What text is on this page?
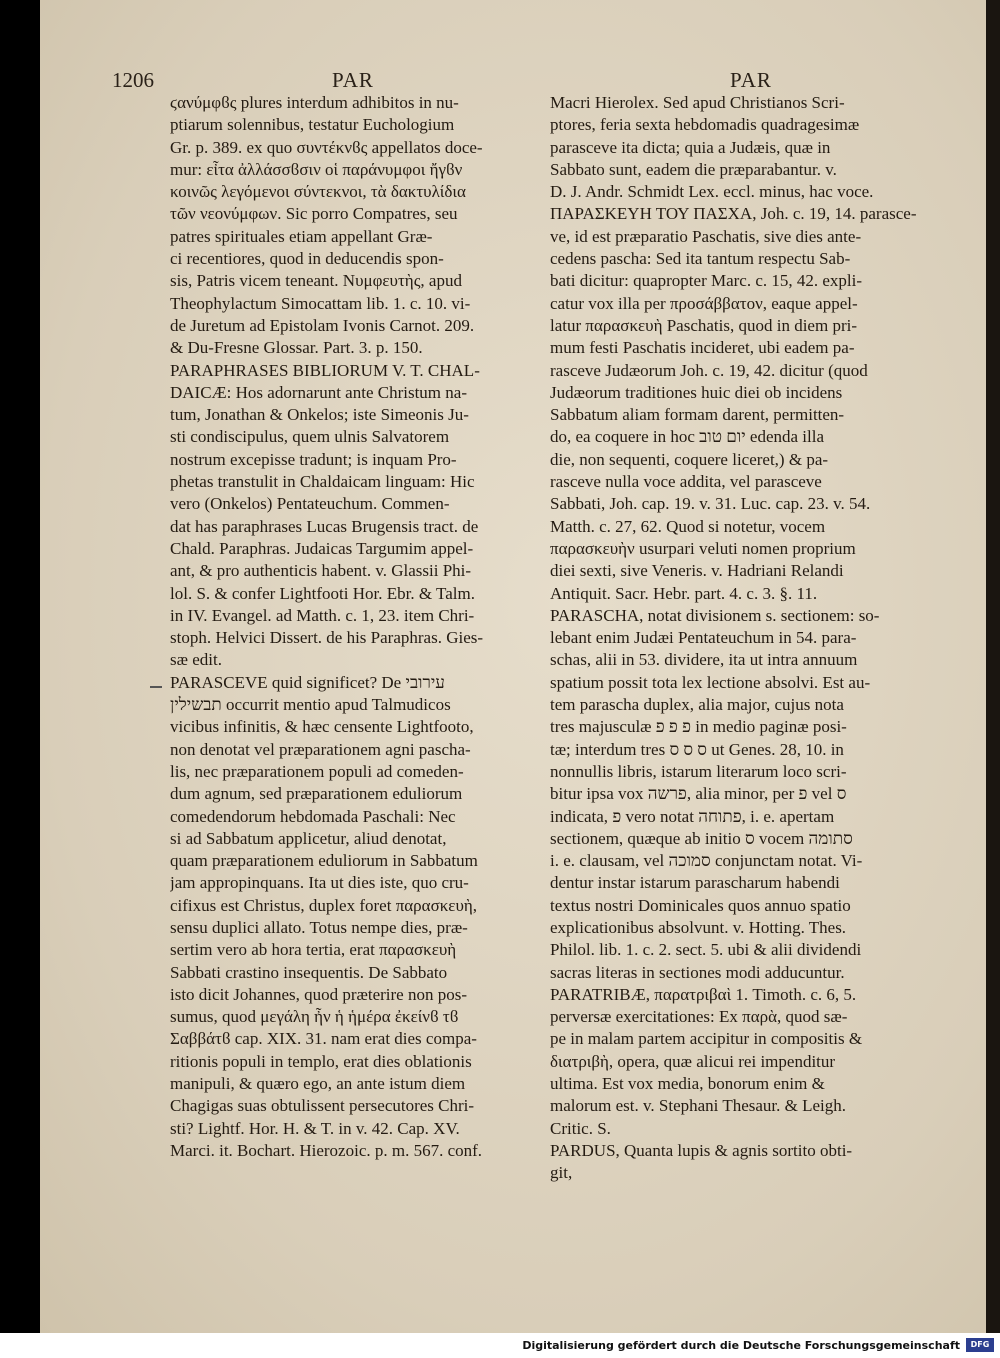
1206	PAR	PAR
ϛανύμφϐς plures interdum adhibitos in nu-
ptiarum solennibus, testatur Euchologium
Gr. p. 389. ex quo συντέκνϐς appellatos doce-
mur: εἶτα ἀλλάσσϐσιν οἱ παράνυμφοι ἤγϐν
κοινῶς λεγόμενοι σύντεκνοι, τὰ δακτυλίδια
τῶν νεονύμφων. Sic porro Compatres, seu
patres spirituales etiam appellant Græ-
ci recentiores, quod in deducendis spon-
sis, Patris vicem teneant. Νυμφευτὴς, apud
Theophylactum Simocattam lib. 1. c. 10. vi-
de Juretum ad Epistolam Ivonis Carnot. 209.
& Du-Fresne Glossar. Part. 3. p. 150.
PARAPHRASES BIBLIORUM V. T. CHAL-
DAICÆ: Hos adornarunt ante Christum na-
tum, Jonathan & Onkelos; iste Simeonis Ju-
sti condiscipulus, quem ulnis Salvatorem
nostrum excepisse tradunt; is inquam Pro-
phetas transtulit in Chaldaicam linguam: Hic
vero (Onkelos) Pentateuchum. Commen-
dat has paraphrases Lucas Brugensis tract. de
Chald. Paraphras. Judaicas Targumim appel-
ant, & pro authenticis habent. v. Glassii Phi-
lol. S. & confer Lightfooti Hor. Ebr. & Talm.
in IV. Evangel. ad Matth. c. 1, 23. item Chri-
stoph. Helvici Dissert. de his Paraphras. Gies-
sæ edit.
PARASCEVE quid significet? De עירובי
תבשילין occurrit mentio apud Talmudicos
vicibus infinitis, & hæc censente Lightfooto,
non denotat vel præparationem agni pascha-
lis, nec præparationem populi ad comeden-
dum agnum, sed præparationem eduliorum
comedendorum hebdomada Paschali: Nec
si ad Sabbatum applicetur, aliud denotat,
quam præparationem eduliorum in Sabbatum
jam appropinquans. Ita ut dies iste, quo cru-
cifixus est Christus, duplex foret παρασκευὴ,
sensu duplici allato. Totus nempe dies, præ-
sertim vero ab hora tertia, erat παρασκευὴ
Sabbati crastino insequentis. De Sabbato
isto dicit Johannes, quod præterire non pos-
sumus, quod μεγάλη ἦν ἡ ἡμέρα ἐκείνϐ τϐ
Σαββάτϐ cap. XIX. 31. nam erat dies compa-
ritionis populi in templo, erat dies oblationis
manipuli, & quæro ego, an ante istum diem
Chagigas suas obtulissent persecutores Chri-
sti? Lightf. Hor. H. & T. in v. 42. Cap. XV.
Marci. it. Bochart. Hierozoic. p. m. 567. conf.
Macri Hierolex. Sed apud Christianos Scri-
ptores, feria sexta hebdomadis quadragesimæ
parasceve ita dicta; quia a Judæis, quæ in
Sabbato sunt, eadem die præparabantur. v.
D. J. Andr. Schmidt Lex. eccl. minus, hac voce.
ΠΑΡΑΣΚΕΥΗ ΤΟΥ ΠΑΣΧΑ, Joh. c. 19, 14. parasce-
ve, id est præparatio Paschatis, sive dies ante-
cedens pascha: Sed ita tantum respectu Sab-
bati dicitur: quapropter Marc. c. 15, 42. expli-
catur vox illa per προσάββατον, eaque appel-
latur παρασκευὴ Paschatis, quod in diem pri-
mum festi Paschatis incideret, ubi eadem pa-
rasceve Judæorum Joh. c. 19, 42. dicitur (quod
Judæorum traditiones huic diei ob incidens
Sabbatum aliam formam darent, permitten-
do, ea coquere in hoc יום טוב edenda illa
die, non sequenti, coquere liceret,) & pa-
rasceve nulla voce addita, vel parasceve
Sabbati, Joh. cap. 19. v. 31. Luc. cap. 23. v. 54.
Matth. c. 27, 62. Quod si notetur, vocem
παρασκευὴν usurpari veluti nomen proprium
diei sexti, sive Veneris. v. Hadriani Relandi
Antiquit. Sacr. Hebr. part. 4. c. 3. §. 11.
PARASCHA, notat divisionem s. sectionem: so-
lebant enim Judæi Pentateuchum in 54. para-
schas, alii in 53. dividere, ita ut intra annuum
spatium possit tota lex lectione absolvi. Est au-
tem parascha duplex, alia major, cujus nota
tres majusculæ פ פ פ in medio paginæ posi-
tæ; interdum tres ס ס ס ut Genes. 28, 10. in
nonnullis libris, istarum literarum loco scri-
bitur ipsa vox פרשה, alia minor, per פ vel ס
indicata, פ vero notat פתוחה, i. e. apertam
sectionem, quæque ab initio ס vocem סתומה
i. e. clausam, vel סמוכה conjunctam notat. Vi-
dentur instar istarum parascharum habendi
textus nostri Dominicales quos annuo spatio
explicationibus absolvunt. v. Hotting. Thes.
Philol. lib. 1. c. 2. sect. 5. ubi & alii dividendi
sacras literas in sectiones modi adducuntur.
PARATRIBÆ, παρατριβαὶ 1. Timoth. c. 6, 5.
perversæ exercitationes: Ex παρὰ, quod sæ-
pe in malam partem accipitur in compositis &
διατριβὴ, opera, quæ alicui rei impenditur
ultima. Est vox media, bonorum enim &
malorum est. v. Stephani Thesaur. & Leigh.
Critic. S.
PARDUS, Quanta lupis & agnis sortito obti-
git,
Digitalisierung gefördert durch die Deutsche Forschungsgemeinschaft	DFG
